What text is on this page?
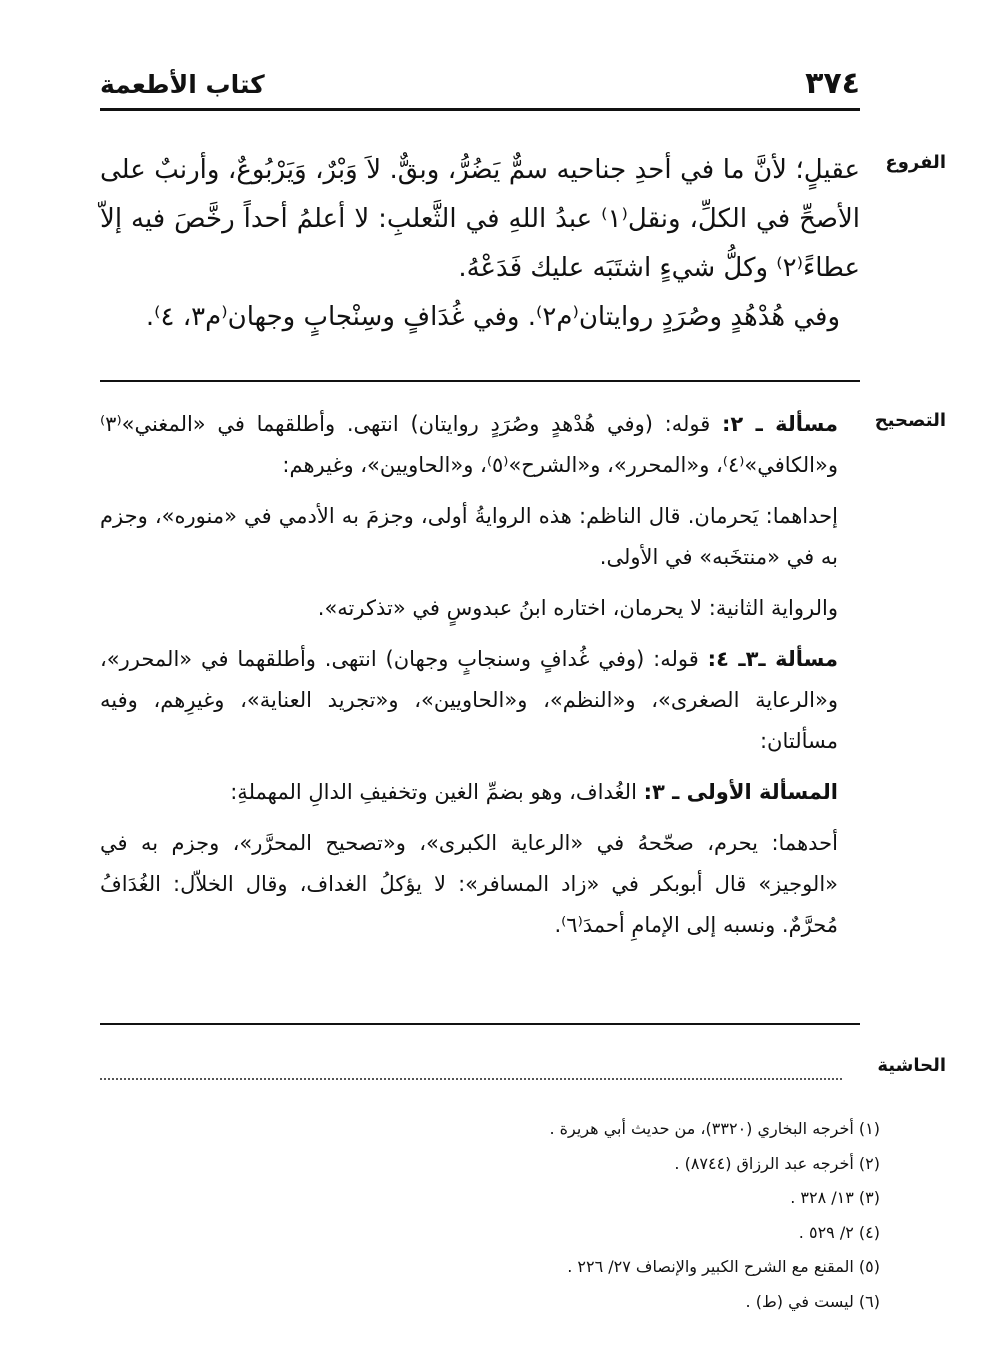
كتاب الأطعمة	٣٧٤
الفروع

عقيلٍ؛ لأنَّ ما في أحدِ جناحيه سمٌّ يَضُرُّ، وبقٌّ. لاَ وَبْرٌ، وَيَرْبُوعٌ، وأرنبٌ على الأصحِّ في الكلِّ، ونقل⁽١⁾ عبدُ اللهِ في الثَّعلبِ: لا أعلمُ أحداً رخَّصَ فيه إلاّ عطاءً⁽٢⁾ وكلُّ شيءٍ اشتَبَه عليك فَدَعْهُ.

وفي هُدْهُدٍ وصُرَدٍ روايتان⁽م٢⁾. وفي غُدَافٍ وسِنْجابٍ وجهان⁽م٣، ٤⁾.

التصحيح

مسألة ـ ٢: قوله: (وفي هُدْهدٍ وصُرَدٍ روايتان) انتهى. وأطلقهما في «المغني»⁽٣⁾ و«الكافي»⁽٤⁾، و«المحرر»، و«الشرح»⁽٥⁾، و«الحاويين»، وغيرهم:

إحداهما: يَحرمان. قال الناظم: هذه الروايةُ أولى، وجزمَ به الأدمي في «منوره»، وجزم به في «منتخَبه» في الأولى.

والرواية الثانية: لا يحرمان، اختاره ابنُ عبدوسٍ في «تذكرته».

مسألة ـ٣ـ ٤: قوله: (وفي غُدافٍ وسنجابٍ وجهان) انتهى. وأطلقهما في «المحرر»، و«الرعاية الصغرى»، و«النظم»، و«الحاويين»، و«تجريد العناية»، وغيرِهم، وفيه مسألتان:

المسألة الأولى ـ ٣: الغُداف، وهو بضمِّ الغين وتخفيفِ الدالِ المهملةِ:

أحدهما: يحرم، صحّحهُ في «الرعاية الكبرى»، و«تصحيح المحرَّر»، وجزم به في «الوجيز» قال أبوبكر في «زاد المسافر»: لا يؤكلُ الغداف، وقال الخلاّل: الغُدَافُ مُحرَّمٌ. ونسبه إلى الإمامِ أحمدَ⁽٦⁾.

الحاشية
(١) أخرجه البخاري (٣٣٢٠)، من حديث أبي هريرة .
(٢) أخرجه عبد الرزاق (٨٧٤٤) .
(٣) ١٣/ ٣٢٨ .
(٤) ٢/ ٥٢٩ .
(٥) المقنع مع الشرح الكبير والإنصاف ٢٧/ ٢٢٦ .
(٦) ليست في (ط) .
